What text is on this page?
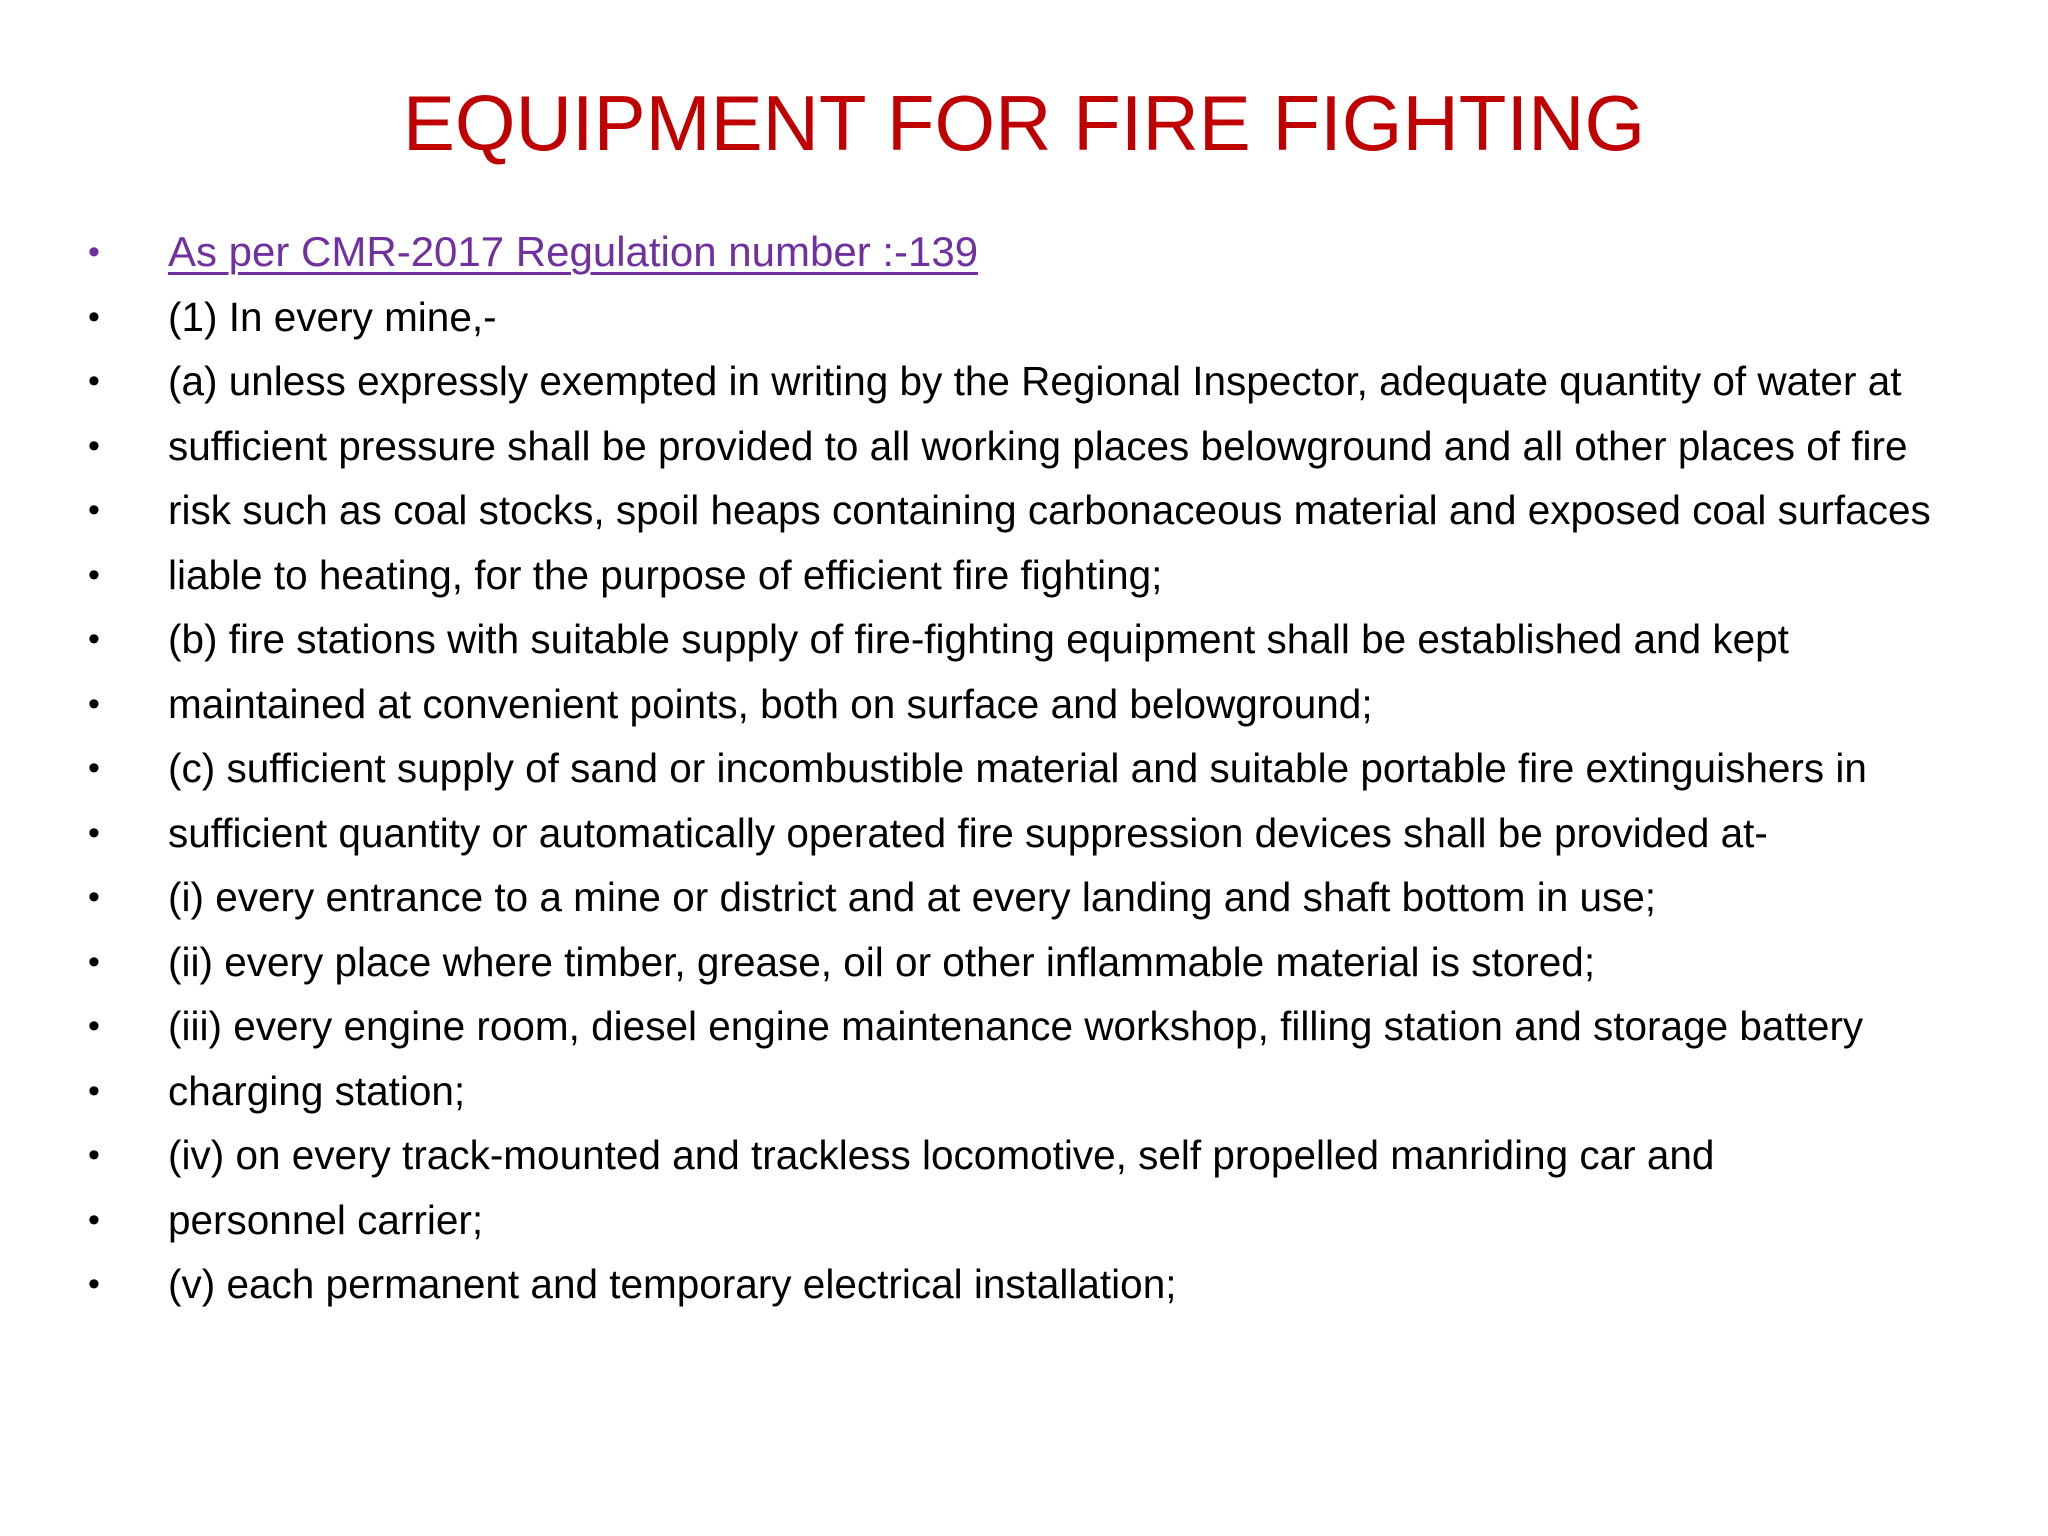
EQUIPMENT FOR FIRE FIGHTING
•	As per CMR-2017 Regulation number :-139
•	(1) In every mine,-
•	(a) unless expressly exempted in writing by the Regional Inspector, adequate quantity of water at
•	sufficient pressure shall be provided to all working places belowground and all other places of fire
•	risk such as coal stocks, spoil heaps containing carbonaceous material and exposed coal surfaces
•	liable to heating, for the purpose of efficient fire fighting;
•	(b) fire stations with suitable supply of fire-fighting equipment shall be established and kept
•	maintained at convenient points, both on surface and belowground;
•	(c) sufficient supply of sand or incombustible material and suitable portable fire extinguishers in
•	sufficient quantity or automatically operated fire suppression devices shall be provided at-
•	(i) every entrance to a mine or district and at every landing and shaft bottom in use;
•	(ii) every place where timber, grease, oil or other inflammable material is stored;
•	(iii) every engine room, diesel engine maintenance workshop, filling station and storage battery
•	charging station;
•	(iv) on every track-mounted and trackless locomotive, self propelled manriding car and
•	personnel carrier;
•	(v) each permanent and temporary electrical installation;
